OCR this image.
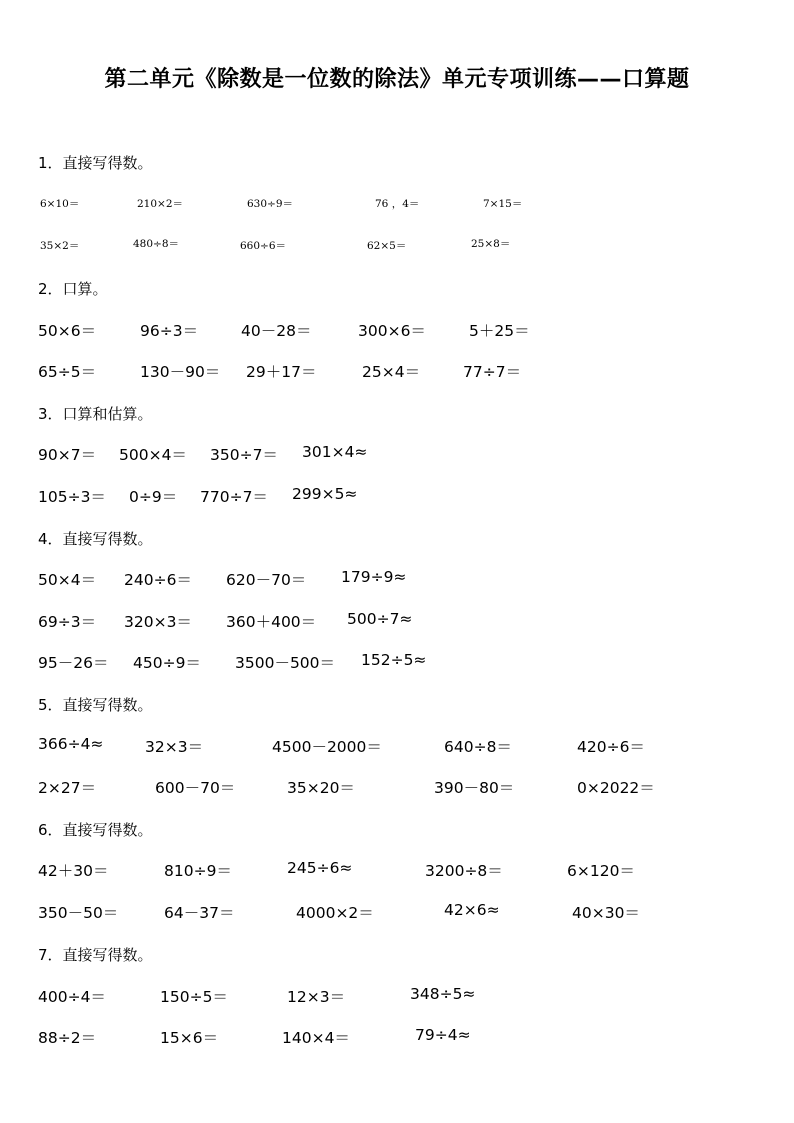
第二单元《除数是一位数的除法》单元专项训练——口算题
1．直接写得数。
6×10＝	210×2＝	630÷9＝	76 ，4＝	7×15＝
35×2＝	480÷8＝	660÷6＝	62×5＝	25×8＝
2．口算。
50×6＝	96÷3＝	40－28＝	300×6＝	5＋25＝
65÷5＝	130－90＝ 29＋17＝	25×4＝	77÷7＝
3．口算和估算。
90×7＝ 500×4＝ 350÷7＝ 301×4≈
105÷3＝ 0÷9＝ 770÷7＝ 299×5≈
4．直接写得数。
50×4＝ 240÷6＝ 620－70＝ 179÷9≈
69÷3＝ 320×3＝ 360＋400＝ 500÷7≈
95－26＝ 450÷9＝ 3500－500＝ 152÷5≈
5．直接写得数。
366÷4≈	32×3＝	4500－2000＝	640÷8＝	420÷6＝
2×27＝	600－70＝	35×20＝	390－80＝	0×2022＝
6．直接写得数。
42＋30＝	810÷9＝	245÷6≈	3200÷8＝	6×120＝
350－50＝	64－37＝	4000×2＝	42×6≈	40×30＝
7．直接写得数。
400÷4＝	150÷5＝	12×3＝	348÷5≈
88÷2＝	15×6＝	140×4＝	79÷4≈
